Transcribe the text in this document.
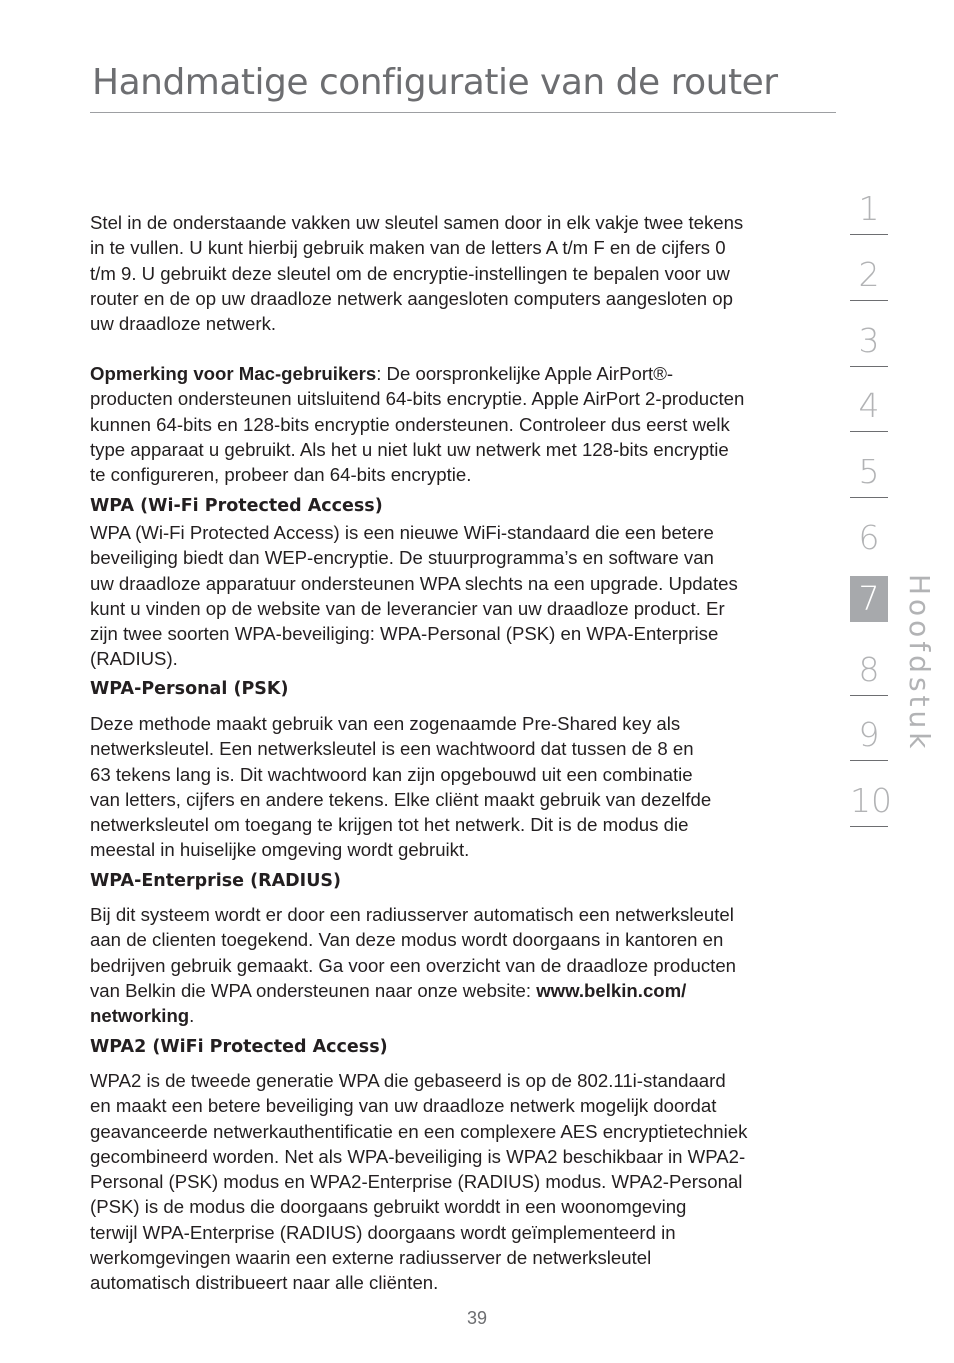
Handmatige configuratie van de router

Stel in de onderstaande vakken uw sleutel samen door in elk vakje twee tekens
in te vullen. U kunt hierbij gebruik maken van de letters A t/m F en de cijfers 0
t/m 9. U gebruikt deze sleutel om de encryptie-instellingen te bepalen voor uw
router en de op uw draadloze netwerk aangesloten computers aangesloten op
uw draadloze netwerk.

Opmerking voor Mac-gebruikers: De oorspronkelijke Apple AirPort®-
producten ondersteunen uitsluitend 64-bits encryptie. Apple AirPort 2-producten
kunnen 64-bits en 128-bits encryptie ondersteunen. Controleer dus eerst welk
type apparaat u gebruikt. Als het u niet lukt uw netwerk met 128-bits encryptie
te configureren, probeer dan 64-bits encryptie.

WPA (Wi-Fi Protected Access)

WPA (Wi-Fi Protected Access) is een nieuwe WiFi-standaard die een betere
beveiliging biedt dan WEP-encryptie. De stuurprogramma’s en software van
uw draadloze apparatuur ondersteunen WPA slechts na een upgrade. Updates
kunt u vinden op de website van de leverancier van uw draadloze product. Er
zijn twee soorten WPA-beveiliging: WPA-Personal (PSK) en WPA-Enterprise
(RADIUS).

WPA-Personal (PSK)

Deze methode maakt gebruik van een zogenaamde Pre-Shared key als
netwerksleutel. Een netwerksleutel is een wachtwoord dat tussen de 8 en
63 tekens lang is. Dit wachtwoord kan zijn opgebouwd uit een combinatie
van letters, cijfers en andere tekens. Elke cliënt maakt gebruik van dezelfde
netwerksleutel om toegang te krijgen tot het netwerk. Dit is de modus die
meestal in huiselijke omgeving wordt gebruikt.

WPA-Enterprise (RADIUS)

Bij dit systeem wordt er door een radiusserver automatisch een netwerksleutel
aan de clienten toegekend. Van deze modus wordt doorgaans in kantoren en
bedrijven gebruik gemaakt. Ga voor een overzicht van de draadloze producten
van Belkin die WPA ondersteunen naar onze website: www.belkin.com/
networking.

WPA2 (WiFi Protected Access)

WPA2 is de tweede generatie WPA die gebaseerd is op de 802.11i-standaard
en maakt een betere beveiliging van uw draadloze netwerk mogelijk doordat
geavanceerde netwerkauthentificatie en een complexere AES encryptietechniek
gecombineerd worden. Net als WPA-beveiliging is WPA2 beschikbaar in WPA2-
Personal (PSK) modus en WPA2-Enterprise (RADIUS) modus. WPA2-Personal
(PSK) is de modus die doorgaans gebruikt worddt in een woonomgeving
terwijl WPA-Enterprise (RADIUS) doorgaans wordt geïmplementeerd in
werkomgevingen waarin een externe radiusserver de netwerksleutel
automatisch distribueert naar alle cliënten.

1
2
3
4
5
6
7
8
9
10
Hoofdstuk
39
